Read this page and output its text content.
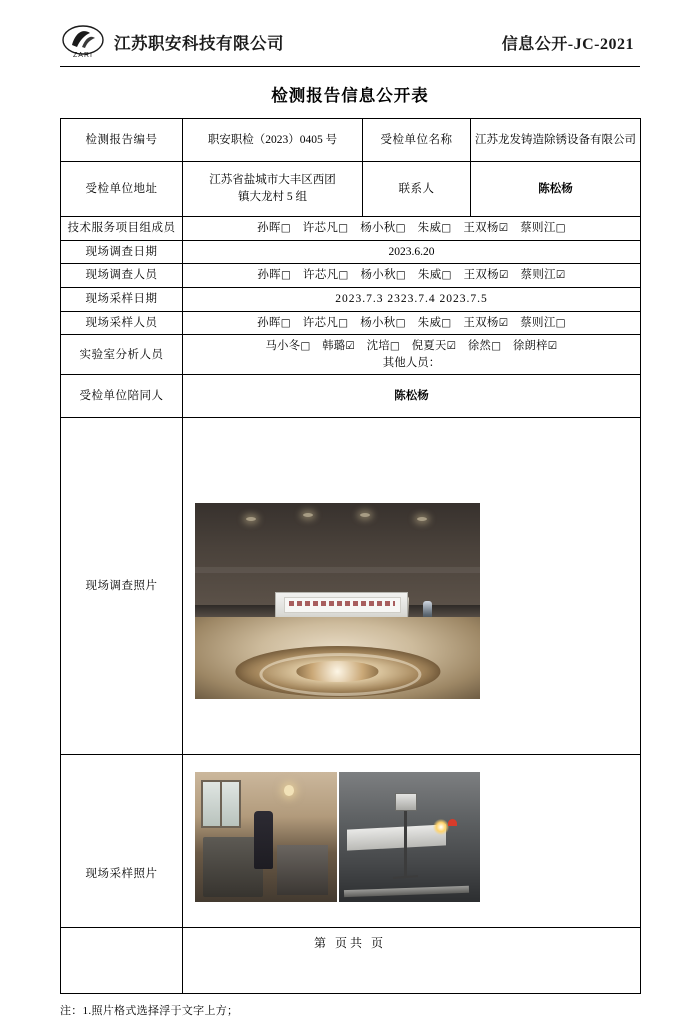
ZARI
江苏职安科技有限公司	信息公开-JC-2021
检测报告信息公开表
检测报告编号	职安职检（2023）0405 号	受检单位名称	江苏龙发铸造除锈设备有限公司
受检单位地址	江苏省盐城市大丰区西团
镇大龙村 5 组	联系人	陈松杨
技术服务项目组成员	孙晖□  许芯凡□  杨小秋□  朱威□  王双杨☑  蔡则江□		
现场调查日期	2023.6.20		
现场调查人员	孙晖□  许芯凡□  杨小秋□  朱威□  王双杨☑  蔡则江☑		
现场采样日期	2023.7.3 2323.7.4 2023.7.5		
现场采样人员	孙晖□  许芯凡□  杨小秋□  朱威□  王双杨☑  蔡则江□		
实验室分析人员	马小冬□  韩璐☑  沈培□  倪夏天☑  徐然□  徐朗梓☑
其他人员：		

受检单位陪同人	陈松杨		
现场调查照片			

现场采样照片			
注：1.照片格式选择浮于文字上方；
第 页共 页
